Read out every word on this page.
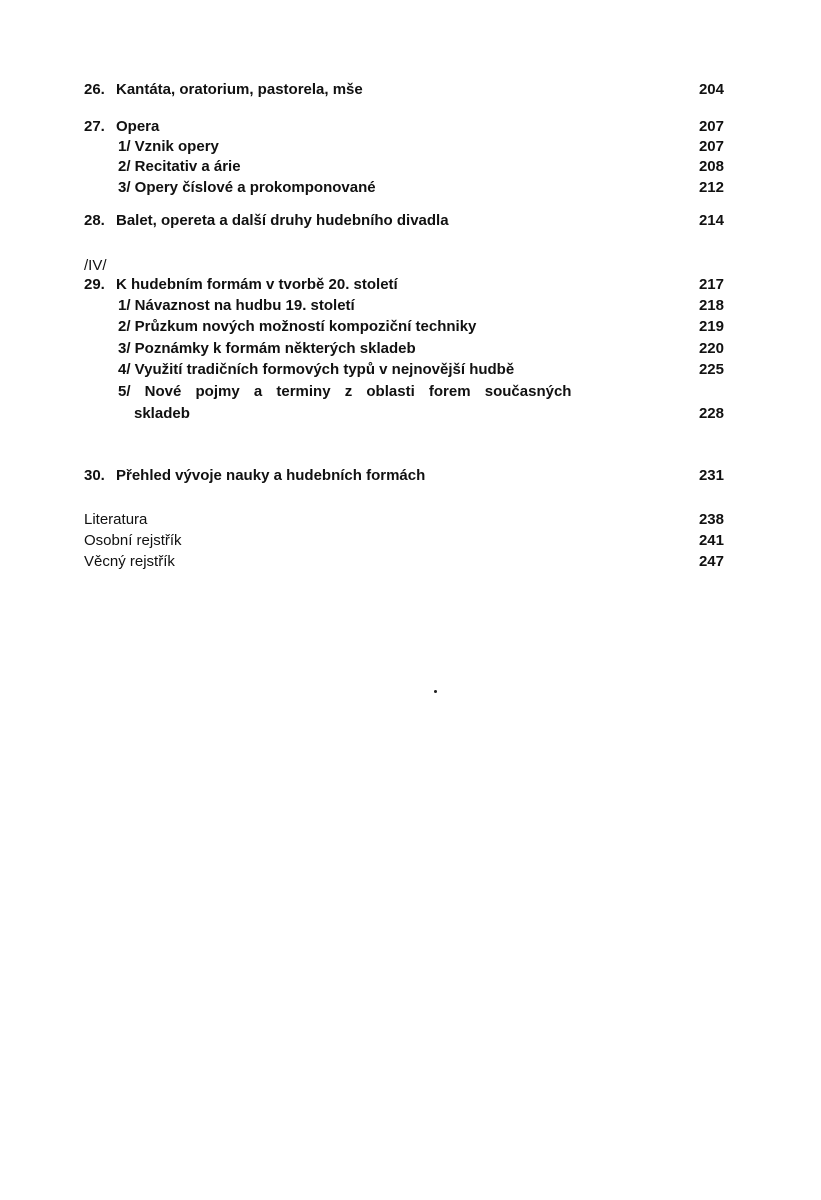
26. Kantáta, oratorium, pastorela, mše	204
27. Opera	207
1/ Vznik opery	207
2/ Recitativ a árie	208
3/ Opery číslové a prokomponované	212
28. Balet, opereta a další druhy hudebního divadla	214
/IV/
29. K hudebním formám v tvorbě 20. století	217
1/ Návaznost na hudbu 19. století	218
2/ Průzkum nových možností kompoziční techniky	219
3/ Poznámky k formám některých skladeb	220
4/ Využití tradičních formových typů v nejnovější hudbě	225
5/ Nové pojmy a terminy z oblasti forem současných
skladeb	228
30. Přehled vývoje nauky a hudebních formách	231
Literatura	238
Osobní rejstřík	241
Věcný rejstřík	247
